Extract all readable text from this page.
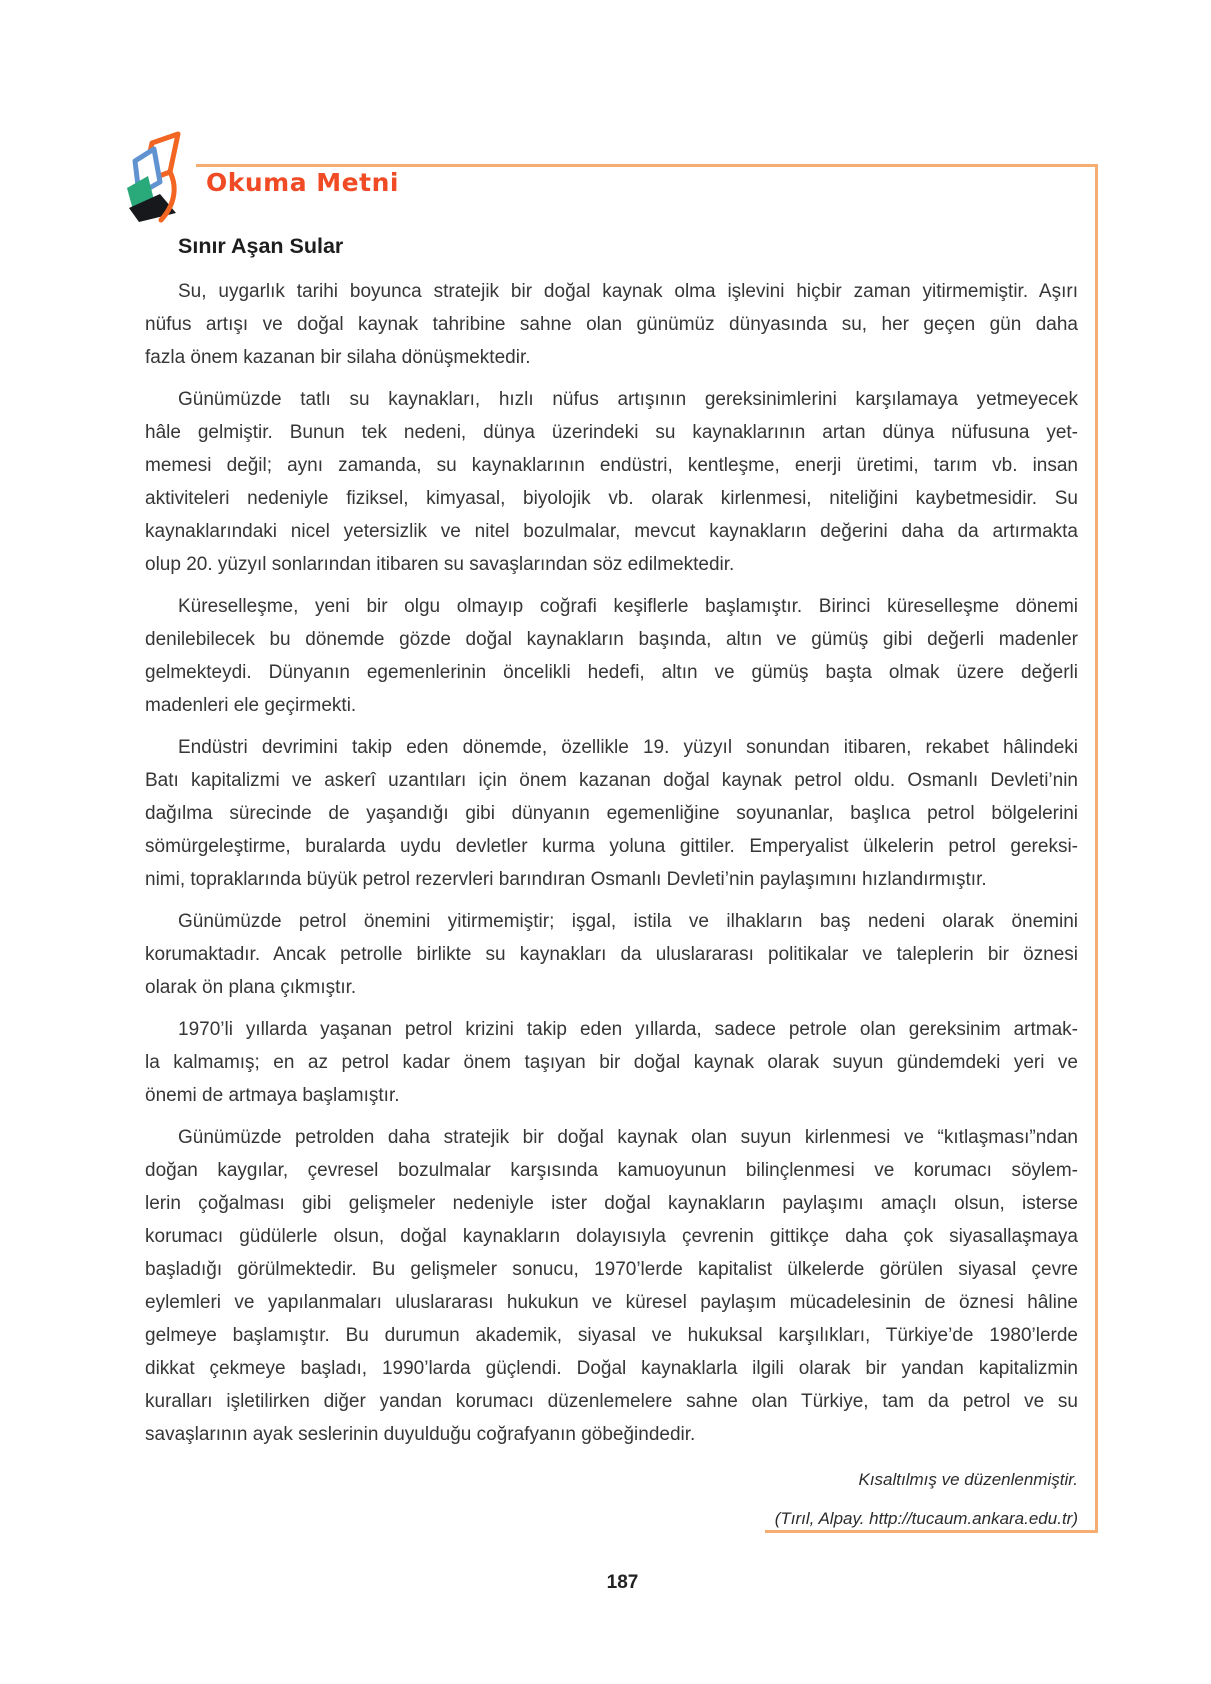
Okuma Metni
Sınır Aşan Sular
Su, uygarlık tarihi boyunca stratejik bir doğal kaynak olma işlevini hiçbir zaman yitirmemiştir. Aşırı
nüfus artışı ve doğal kaynak tahribine sahne olan günümüz dünyasında su, her geçen gün daha
fazla önem kazanan bir silaha dönüşmektedir.
Günümüzde tatlı su kaynakları, hızlı nüfus artışının gereksinimlerini karşılamaya yetmeyecek
hâle gelmiştir. Bunun tek nedeni, dünya üzerindeki su kaynaklarının artan dünya nüfusuna yet-
memesi değil; aynı zamanda, su kaynaklarının endüstri, kentleşme, enerji üretimi, tarım vb. insan
aktiviteleri nedeniyle fiziksel, kimyasal, biyolojik vb. olarak kirlenmesi, niteliğini kaybetmesidir. Su
kaynaklarındaki nicel yetersizlik ve nitel bozulmalar, mevcut kaynakların değerini daha da artırmakta
olup 20. yüzyıl sonlarından itibaren su savaşlarından söz edilmektedir.
Küreselleşme, yeni bir olgu olmayıp coğrafi keşiflerle başlamıştır. Birinci küreselleşme dönemi
denilebilecek bu dönemde gözde doğal kaynakların başında, altın ve gümüş gibi değerli madenler
gelmekteydi. Dünyanın egemenlerinin öncelikli hedefi, altın ve gümüş başta olmak üzere değerli
madenleri ele geçirmekti.
Endüstri devrimini takip eden dönemde, özellikle 19. yüzyıl sonundan itibaren, rekabet hâlindeki
Batı kapitalizmi ve askerî uzantıları için önem kazanan doğal kaynak petrol oldu. Osmanlı Devleti’nin
dağılma sürecinde de yaşandığı gibi dünyanın egemenliğine soyunanlar, başlıca petrol bölgelerini
sömürgeleştirme, buralarda uydu devletler kurma yoluna gittiler. Emperyalist ülkelerin petrol gereksi-
nimi, topraklarında büyük petrol rezervleri barındıran Osmanlı Devleti’nin paylaşımını hızlandırmıştır.
Günümüzde petrol önemini yitirmemiştir; işgal, istila ve ilhakların baş nedeni olarak önemini
korumaktadır. Ancak petrolle birlikte su kaynakları da uluslararası politikalar ve taleplerin bir öznesi
olarak ön plana çıkmıştır.
1970’li yıllarda yaşanan petrol krizini takip eden yıllarda, sadece petrole olan gereksinim artmak-
la kalmamış; en az petrol kadar önem taşıyan bir doğal kaynak olarak suyun gündemdeki yeri ve
önemi de artmaya başlamıştır.
Günümüzde petrolden daha stratejik bir doğal kaynak olan suyun kirlenmesi ve “kıtlaşması”ndan
doğan kaygılar, çevresel bozulmalar karşısında kamuoyunun bilinçlenmesi ve korumacı söylem-
lerin çoğalması gibi gelişmeler nedeniyle ister doğal kaynakların paylaşımı amaçlı olsun, isterse
korumacı güdülerle olsun, doğal kaynakların dolayısıyla çevrenin gittikçe daha çok siyasallaşmaya
başladığı görülmektedir. Bu gelişmeler sonucu, 1970’lerde kapitalist ülkelerde görülen siyasal çevre
eylemleri ve yapılanmaları uluslararası hukukun ve küresel paylaşım mücadelesinin de öznesi hâline
gelmeye başlamıştır. Bu durumun akademik, siyasal ve hukuksal karşılıkları, Türkiye’de 1980’lerde
dikkat çekmeye başladı, 1990’larda güçlendi. Doğal kaynaklarla ilgili olarak bir yandan kapitalizmin
kuralları işletilirken diğer yandan korumacı düzenlemelere sahne olan Türkiye, tam da petrol ve su
savaşlarının ayak seslerinin duyulduğu coğrafyanın göbeğindedir.
Kısaltılmış ve düzenlenmiştir.
(Tırıl, Alpay. http://tucaum.ankara.edu.tr)
187
